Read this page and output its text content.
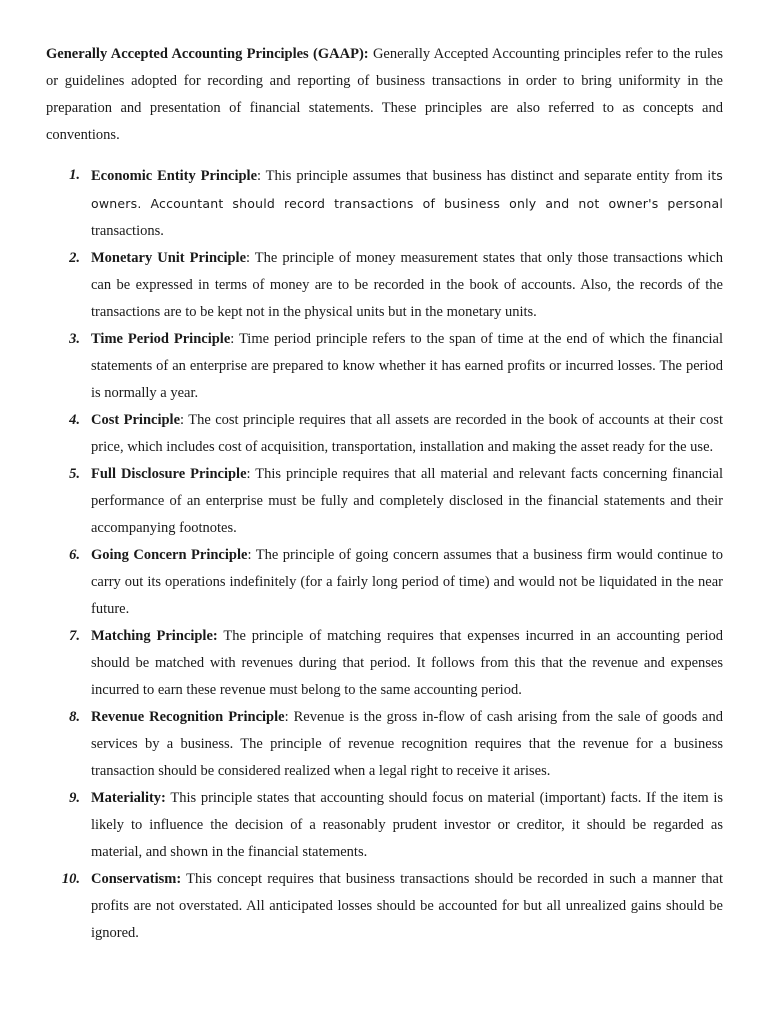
Generally Accepted Accounting Principles (GAAP): Generally Accepted Accounting principles refer to the rules or guidelines adopted for recording and reporting of business transactions in order to bring uniformity in the preparation and presentation of financial statements. These principles are also referred to as concepts and conventions.

1. Economic Entity Principle: This principle assumes that business has distinct and separate entity from its owners. Accountant should record transactions of business only and not owner's personal transactions.
2. Monetary Unit Principle: The principle of money measurement states that only those transactions which can be expressed in terms of money are to be recorded in the book of accounts. Also, the records of the transactions are to be kept not in the physical units but in the monetary units.
3. Time Period Principle: Time period principle refers to the span of time at the end of which the financial statements of an enterprise are prepared to know whether it has earned profits or incurred losses. The period is normally a year.
4. Cost Principle: The cost principle requires that all assets are recorded in the book of accounts at their cost price, which includes cost of acquisition, transportation, installation and making the asset ready for the use.
5. Full Disclosure Principle: This principle requires that all material and relevant facts concerning financial performance of an enterprise must be fully and completely disclosed in the financial statements and their accompanying footnotes.
6. Going Concern Principle: The principle of going concern assumes that a business firm would continue to carry out its operations indefinitely (for a fairly long period of time) and would not be liquidated in the near future.
7. Matching Principle: The principle of matching requires that expenses incurred in an accounting period should be matched with revenues during that period. It follows from this that the revenue and expenses incurred to earn these revenue must belong to the same accounting period.
8. Revenue Recognition Principle: Revenue is the gross in-flow of cash arising from the sale of goods and services by a business. The principle of revenue recognition requires that the revenue for a business transaction should be considered realized when a legal right to receive it arises.
9. Materiality: This principle states that accounting should focus on material (important) facts. If the item is likely to influence the decision of a reasonably prudent investor or creditor, it should be regarded as material, and shown in the financial statements.
10. Conservatism: This concept requires that business transactions should be recorded in such a manner that profits are not overstated. All anticipated losses should be accounted for but all unrealized gains should be ignored.
